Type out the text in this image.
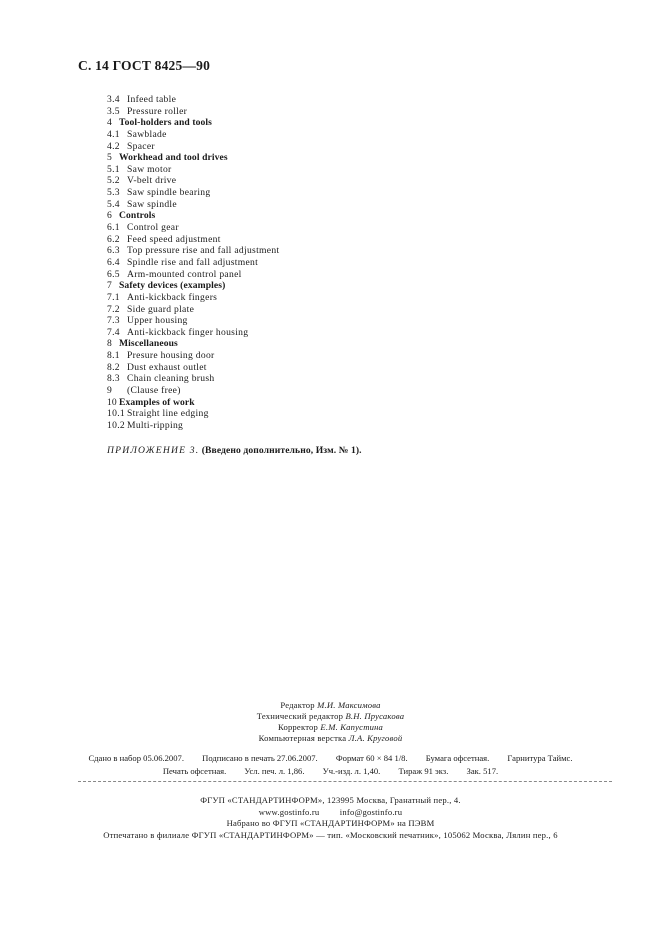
С. 14 ГОСТ 8425—90
3.4 Infeed table
3.5 Pressure roller
4 Tool-holders and tools
4.1 Sawblade
4.2 Spacer
5 Workhead and tool drives
5.1 Saw motor
5.2 V-belt drive
5.3 Saw spindle bearing
5.4 Saw spindle
6 Controls
6.1 Control gear
6.2 Feed speed adjustment
6.3 Top pressure rise and fall adjustment
6.4 Spindle rise and fall adjustment
6.5 Arm-mounted control panel
7 Safety devices (examples)
7.1 Anti-kickback fingers
7.2 Side guard plate
7.3 Upper housing
7.4 Anti-kickback finger housing
8 Miscellaneous
8.1 Presure housing door
8.2 Dust exhaust outlet
8.3 Chain cleaning brush
9 (Clause free)
10 Examples of work
10.1 Straight line edging
10.2 Multi-ripping
ПРИЛОЖЕНИЕ 3. (Введено дополнительно, Изм. № 1).
Редактор М.И. Максимова
Технический редактор В.Н. Прусакова
Корректор Е.М. Капустина
Компьютерная верстка Л.А. Круговой
Сдано в набор 05.06.2007. Подписано в печать 27.06.2007. Формат 60 × 84 1/8. Бумага офсетная. Гарнитура Таймс.
Печать офсетная. Усл. печ. л. 1,86. Уч.-изд. л. 1,40. Тираж 91 экз. Зак. 517.
ФГУП «СТАНДАРТИНФОРМ», 123995 Москва, Гранатный пер., 4.
www.gostinfo.ru info@gostinfo.ru
Набрано во ФГУП «СТАНДАРТИНФОРМ» на ПЭВМ
Отпечатано в филиале ФГУП «СТАНДАРТИНФОРМ» — тип. «Московский печатник», 105062 Москва, Лялин пер., 6
